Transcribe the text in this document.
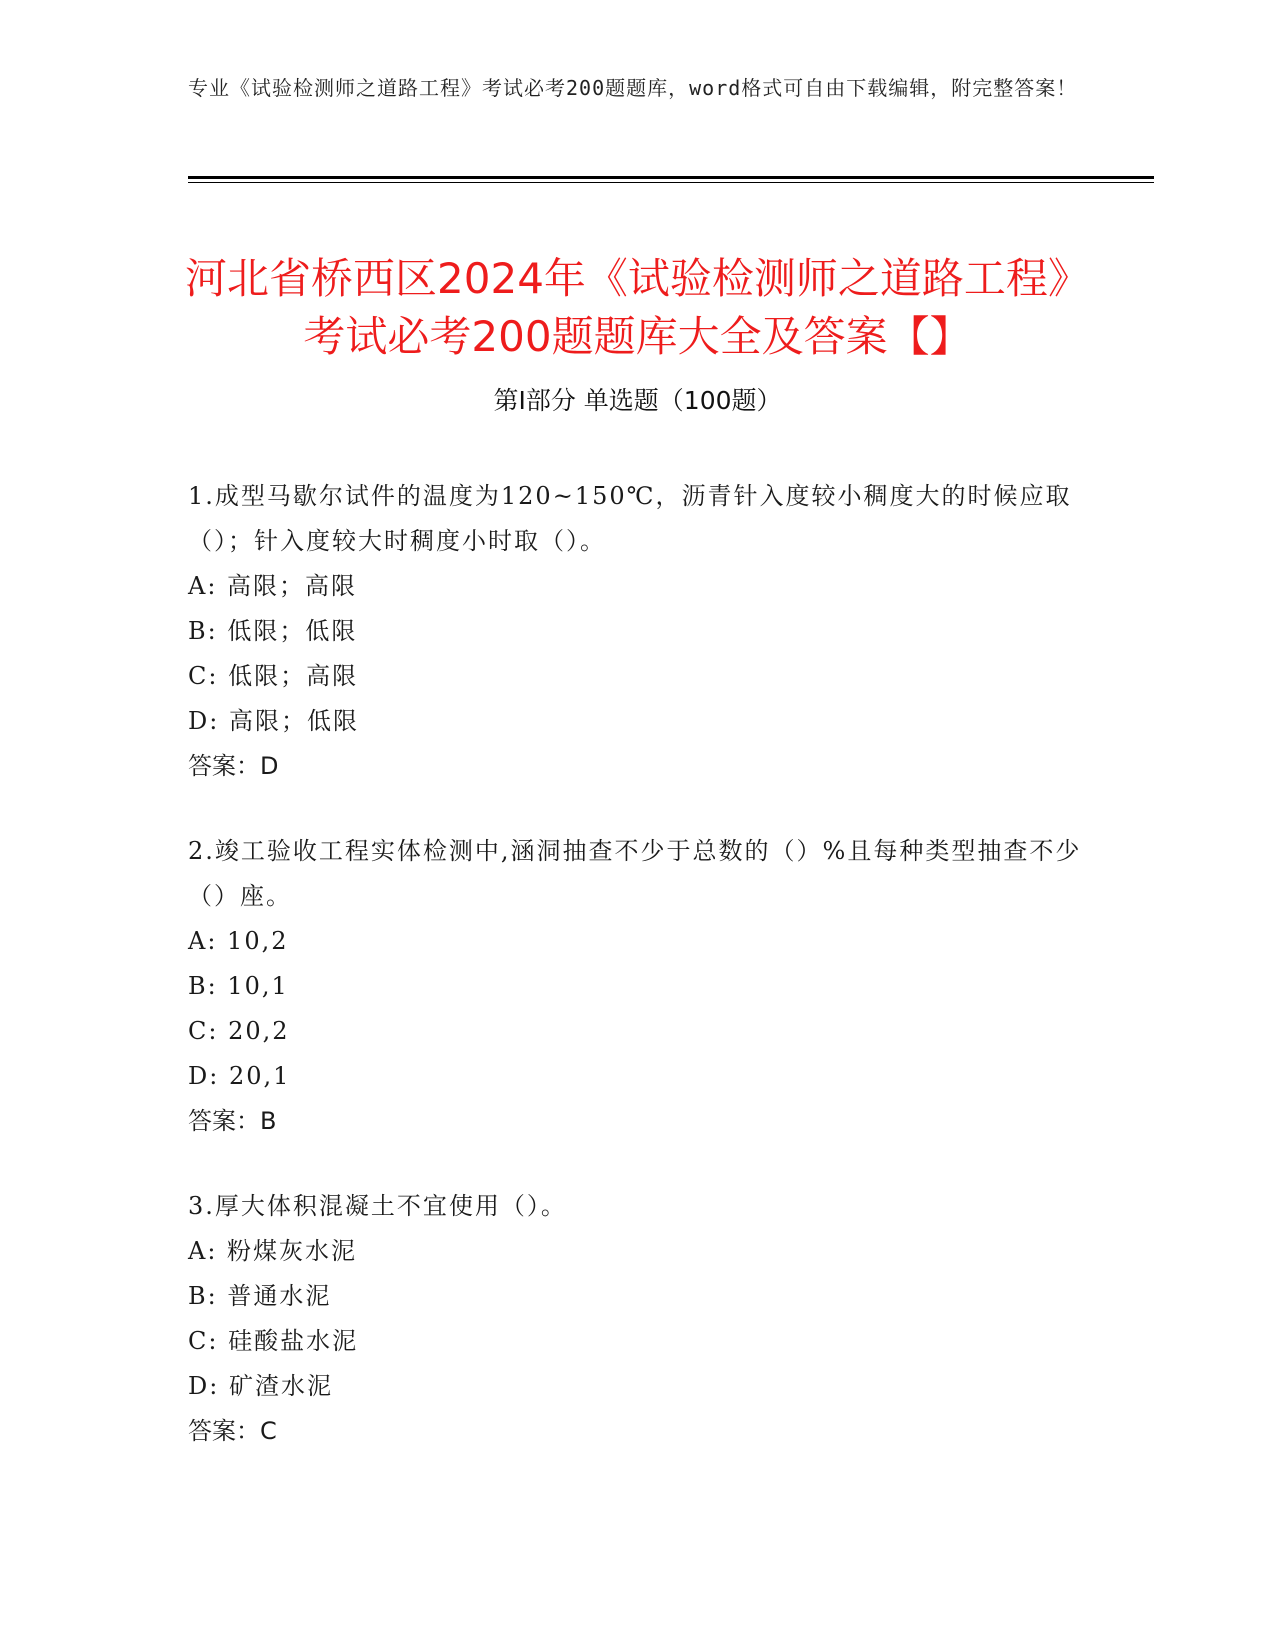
专业《试验检测师之道路工程》考试必考200题题库，word格式可自由下载编辑，附完整答案！
河北省桥西区2024年《试验检测师之道路工程》考试必考200题题库大全及答案【】
第I部分 单选题（100题）

1.成型马歇尔试件的温度为120~150℃，沥青针入度较小稠度大的时候应取（）；针入度较大时稠度小时取（）。

A: 高限；高限

B: 低限；低限

C: 低限；高限

D: 高限；低限

答案：D

2.竣工验收工程实体检测中,涵洞抽查不少于总数的（）%且每种类型抽查不少（）座。

A: 10,2

B: 10,1

C: 20,2

D: 20,1

答案：B

3.厚大体积混凝土不宜使用（）。

A: 粉煤灰水泥

B: 普通水泥

C: 硅酸盐水泥

D: 矿渣水泥

答案：C
